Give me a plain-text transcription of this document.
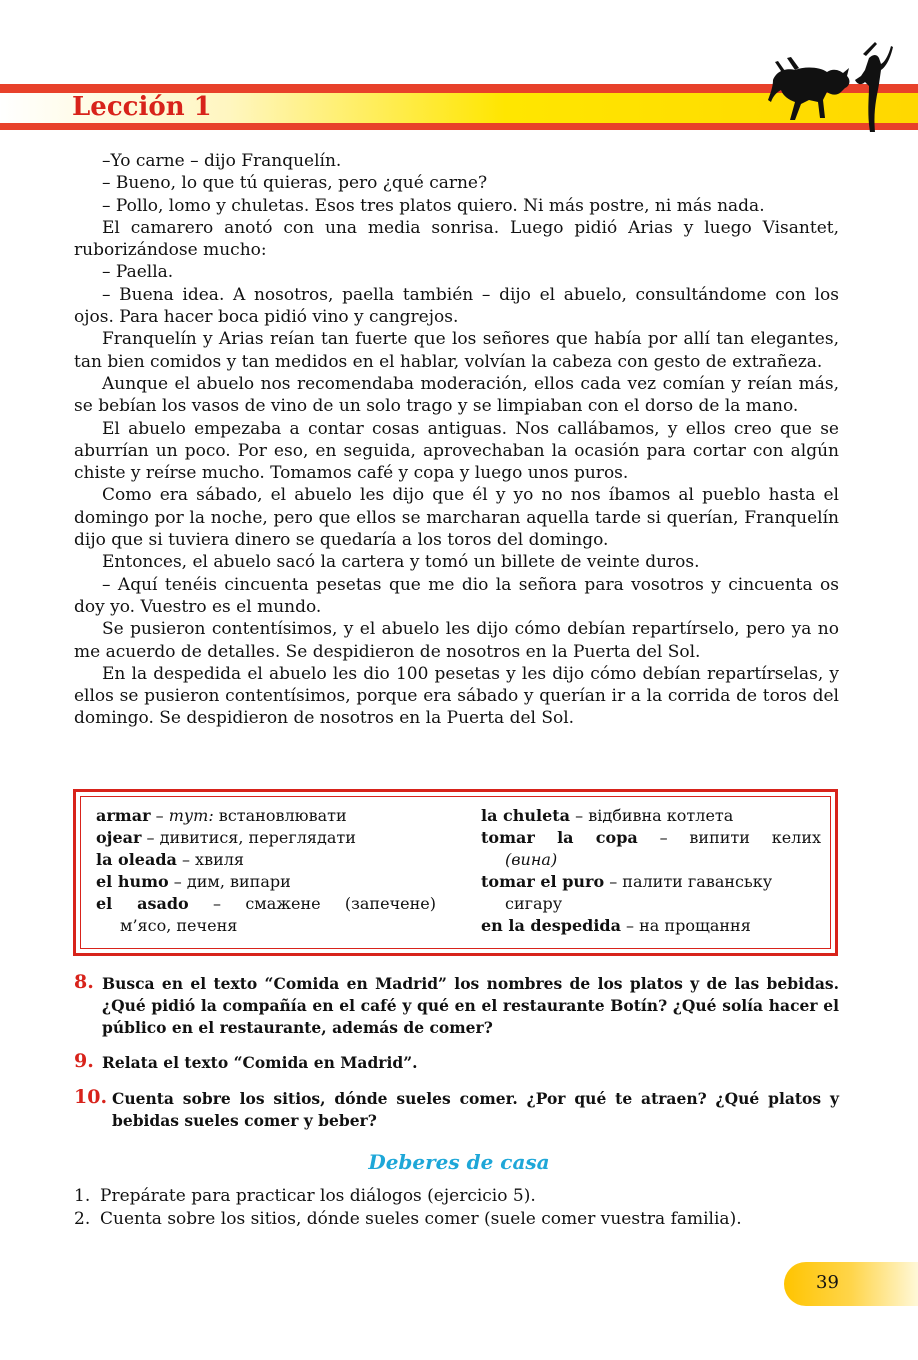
Lección 1

–Yo carne – dijo Franquelín.

– Bueno, lo que tú quieras, pero ¿qué carne?

– Pollo, lomo y chuletas. Esos tres platos quiero. Ni más postre, ni más nada.

El camarero anotó con una media sonrisa. Luego pidió Arias y luego Visantet, ruborizándose mucho:

– Paella.

– Buena idea. A nosotros, paella también – dijo el abuelo, consultándome con los ojos. Para hacer boca pidió vino y cangrejos.

Franquelín y Arias reían tan fuerte que los señores que había por allí tan elegantes, tan bien comidos y tan medidos en el hablar, volvían la cabeza con gesto de extrañeza.

Aunque el abuelo nos recomendaba moderación, ellos cada vez comían y reían más, se bebían los vasos de vino de un solo trago y se limpiaban con el dorso de la mano.

El abuelo empezaba a contar cosas antiguas. Nos callábamos, y ellos creo que se aburrían un poco. Por eso, en seguida, aprovechaban la ocasión para cortar con algún chiste y reírse mucho. Tomamos café y copa y luego unos puros.

Como era sábado, el abuelo les dijo que él y yo no nos íbamos al pueblo hasta el domingo por la noche, pero que ellos se marcharan aquella tarde si querían, Franquelín dijo que si tuviera dinero se quedaría a los toros del domingo.

Entonces, el abuelo sacó la cartera y tomó un billete de veinte duros.

– Aquí tenéis cincuenta pesetas que me dio la señora para vosotros y cincuenta os doy yo. Vuestro es el mundo.

Se pusieron contentísimos, y el abuelo les dijo cómo debían repartírselo, pero ya no me acuerdo de detalles. Se despidieron de nosotros en la Puerta del Sol.

En la despedida el abuelo les dio 100 pesetas y les dijo cómo debían repartírselas, y ellos se pusieron contentísimos, porque era sábado y querían ir a la corrida de toros del domingo. Se despidieron de nosotros en la Puerta del Sol.

armar – тут: встановлювати
ojear – дивитися, переглядати
la oleada – хвиля
el humo – дим, випари
el asado – смажене (запечене)
м’ясо, печеня
la chuleta – відбивна котлета
tomar la copa – випити келих
(вина)
tomar el puro – палити гаванську
сигару
en la despedida – на прощання
8. Busca en el texto “Comida en Madrid” los nombres de los platos y de las bebidas. ¿Qué pidió la compañía en el café y qué en el restaurante Botín? ¿Qué solía hacer el público en el restaurante, además de comer?
9. Relata el texto “Comida en Madrid”.
10. Cuenta sobre los sitios, dónde sueles comer. ¿Por qué te atraen? ¿Qué platos y bebidas sueles comer y beber?
Deberes de casa
1. Prepárate para practicar los diálogos (ejercicio 5).
2. Cuenta sobre los sitios, dónde sueles comer (suele comer vuestra familia).
39
